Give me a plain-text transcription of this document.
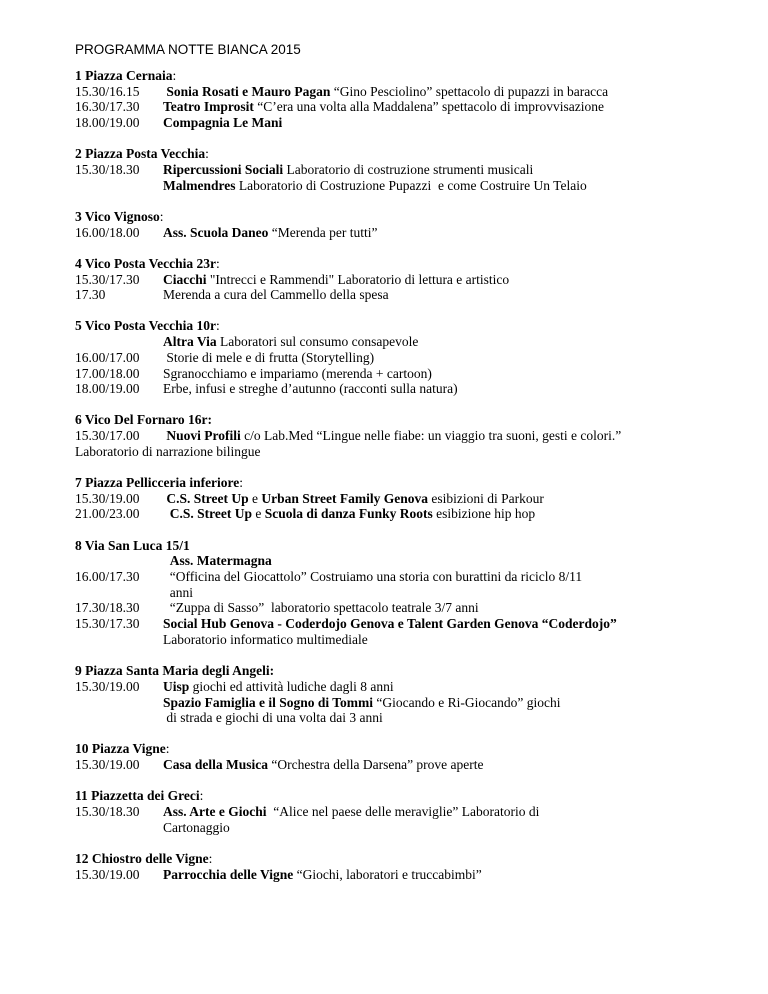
PROGRAMMA NOTTE BIANCA 2015
1 Piazza Cernaia:
15.30/16.15 Sonia Rosati e Mauro Pagan “Gino Pesciolino” spettacolo di pupazzi in baracca
16.30/17.30 Teatro Improsit “C’era una volta alla Maddalena” spettacolo di improvvisazione
18.00/19.00 Compagnia Le Mani
2 Piazza Posta Vecchia:
15.30/18.30 Ripercussioni Sociali Laboratorio di costruzione strumenti musicali
Malmendres Laboratorio di Costruzione Pupazzi  e come Costruire Un Telaio
3 Vico Vignoso:
16.00/18.00 Ass. Scuola Daneo “Merenda per tutti”
4 Vico Posta Vecchia 23r:
15.30/17.30 Ciacchi "Intrecci e Rammendi" Laboratorio di lettura e artistico
17.30	Merenda a cura del Cammello della spesa
5 Vico Posta Vecchia 10r:
Altra Via Laboratori sul consumo consapevole
16.00/17.00 Storie di mele e di frutta (Storytelling)
17.00/18.00 Sgranocchiamo e impariamo (merenda + cartoon)
18.00/19.00 Erbe, infusi e streghe d’autunno (racconti sulla natura)
6 Vico Del Fornaro 16r:
15.30/17.00 Nuovi Profili c/o Lab.Med “Lingue nelle fiabe: un viaggio tra suoni, gesti e colori.”
Laboratorio di narrazione bilingue
7 Piazza Pellicceria inferiore:
15.30/19.00 C.S. Street Up e Urban Street Family Genova esibizioni di Parkour
21.00/23.00	C.S. Street Up e Scuola di danza Funky Roots esibizione hip hop
8 Via San Luca 15/1
Ass. Matermagna
16.00/17.30	“Officina del Giocattolo” Costruiamo una storia con burattini da riciclo 8/11
anni
17.30/18.30	“Zuppa di Sasso”  laboratorio spettacolo teatrale 3/7 anni
15.30/17.30 Social Hub Genova - Coderdojo Genova e Talent Garden Genova “Coderdojo”
Laboratorio informatico multimediale
9 Piazza Santa Maria degli Angeli:
15.30/19.00 Uisp giochi ed attività ludiche dagli 8 anni
Spazio Famiglia e il Sogno di Tommi “Giocando e Ri-Giocando” giochi
di strada e giochi di una volta dai 3 anni
10 Piazza Vigne:
15.30/19.00 Casa della Musica “Orchestra della Darsena” prove aperte
11 Piazzetta dei Greci:
15.30/18.30 Ass. Arte e Giochi  “Alice nel paese delle meraviglie” Laboratorio di
Cartonaggio
12 Chiostro delle Vigne:
15.30/19.00 Parrocchia delle Vigne “Giochi, laboratori e truccabimbi”
